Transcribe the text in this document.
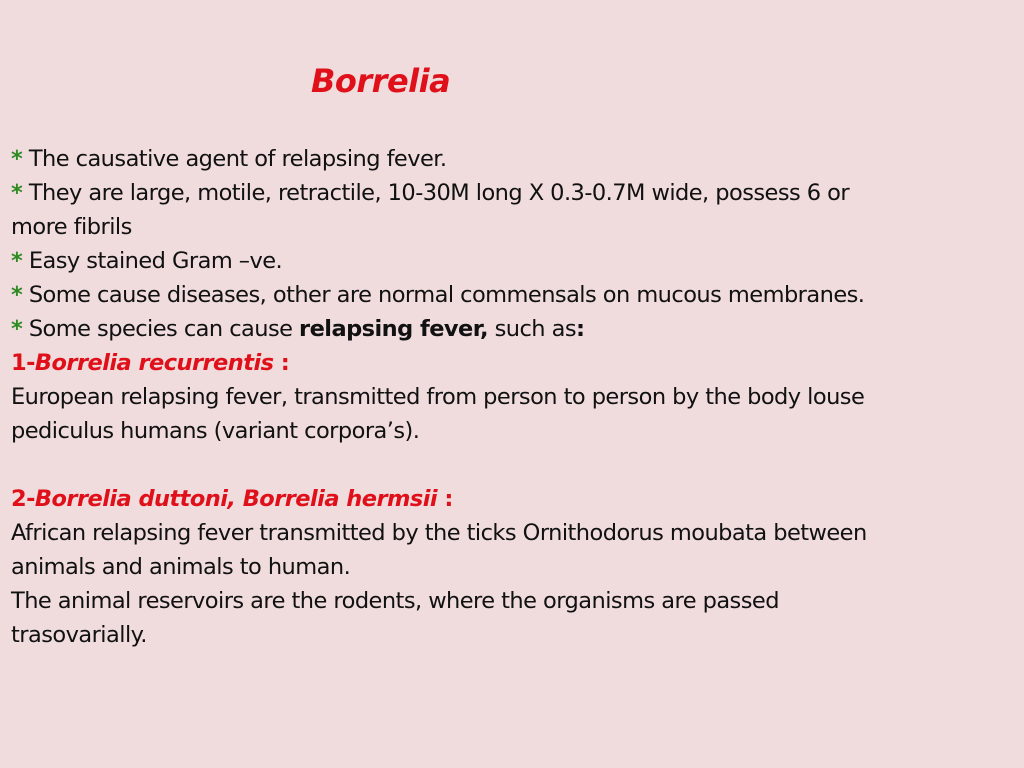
Borrelia
* The causative agent of relapsing fever.
* They are large, motile, retractile, 10-30M long X 0.3-0.7M wide, possess 6 or
more fibrils
* Easy stained Gram –ve.
* Some cause diseases, other are normal commensals on mucous membranes.
* Some species can cause relapsing fever, such as:
1-Borrelia recurrentis :
European relapsing fever, transmitted from person to person by the body louse
pediculus humans (variant corpora’s).
2-Borrelia duttoni, Borrelia hermsii :
African relapsing fever transmitted by the ticks Ornithodorus moubata between
animals and animals to human.
The animal reservoirs are the rodents, where the organisms are passed
trasovarially.
